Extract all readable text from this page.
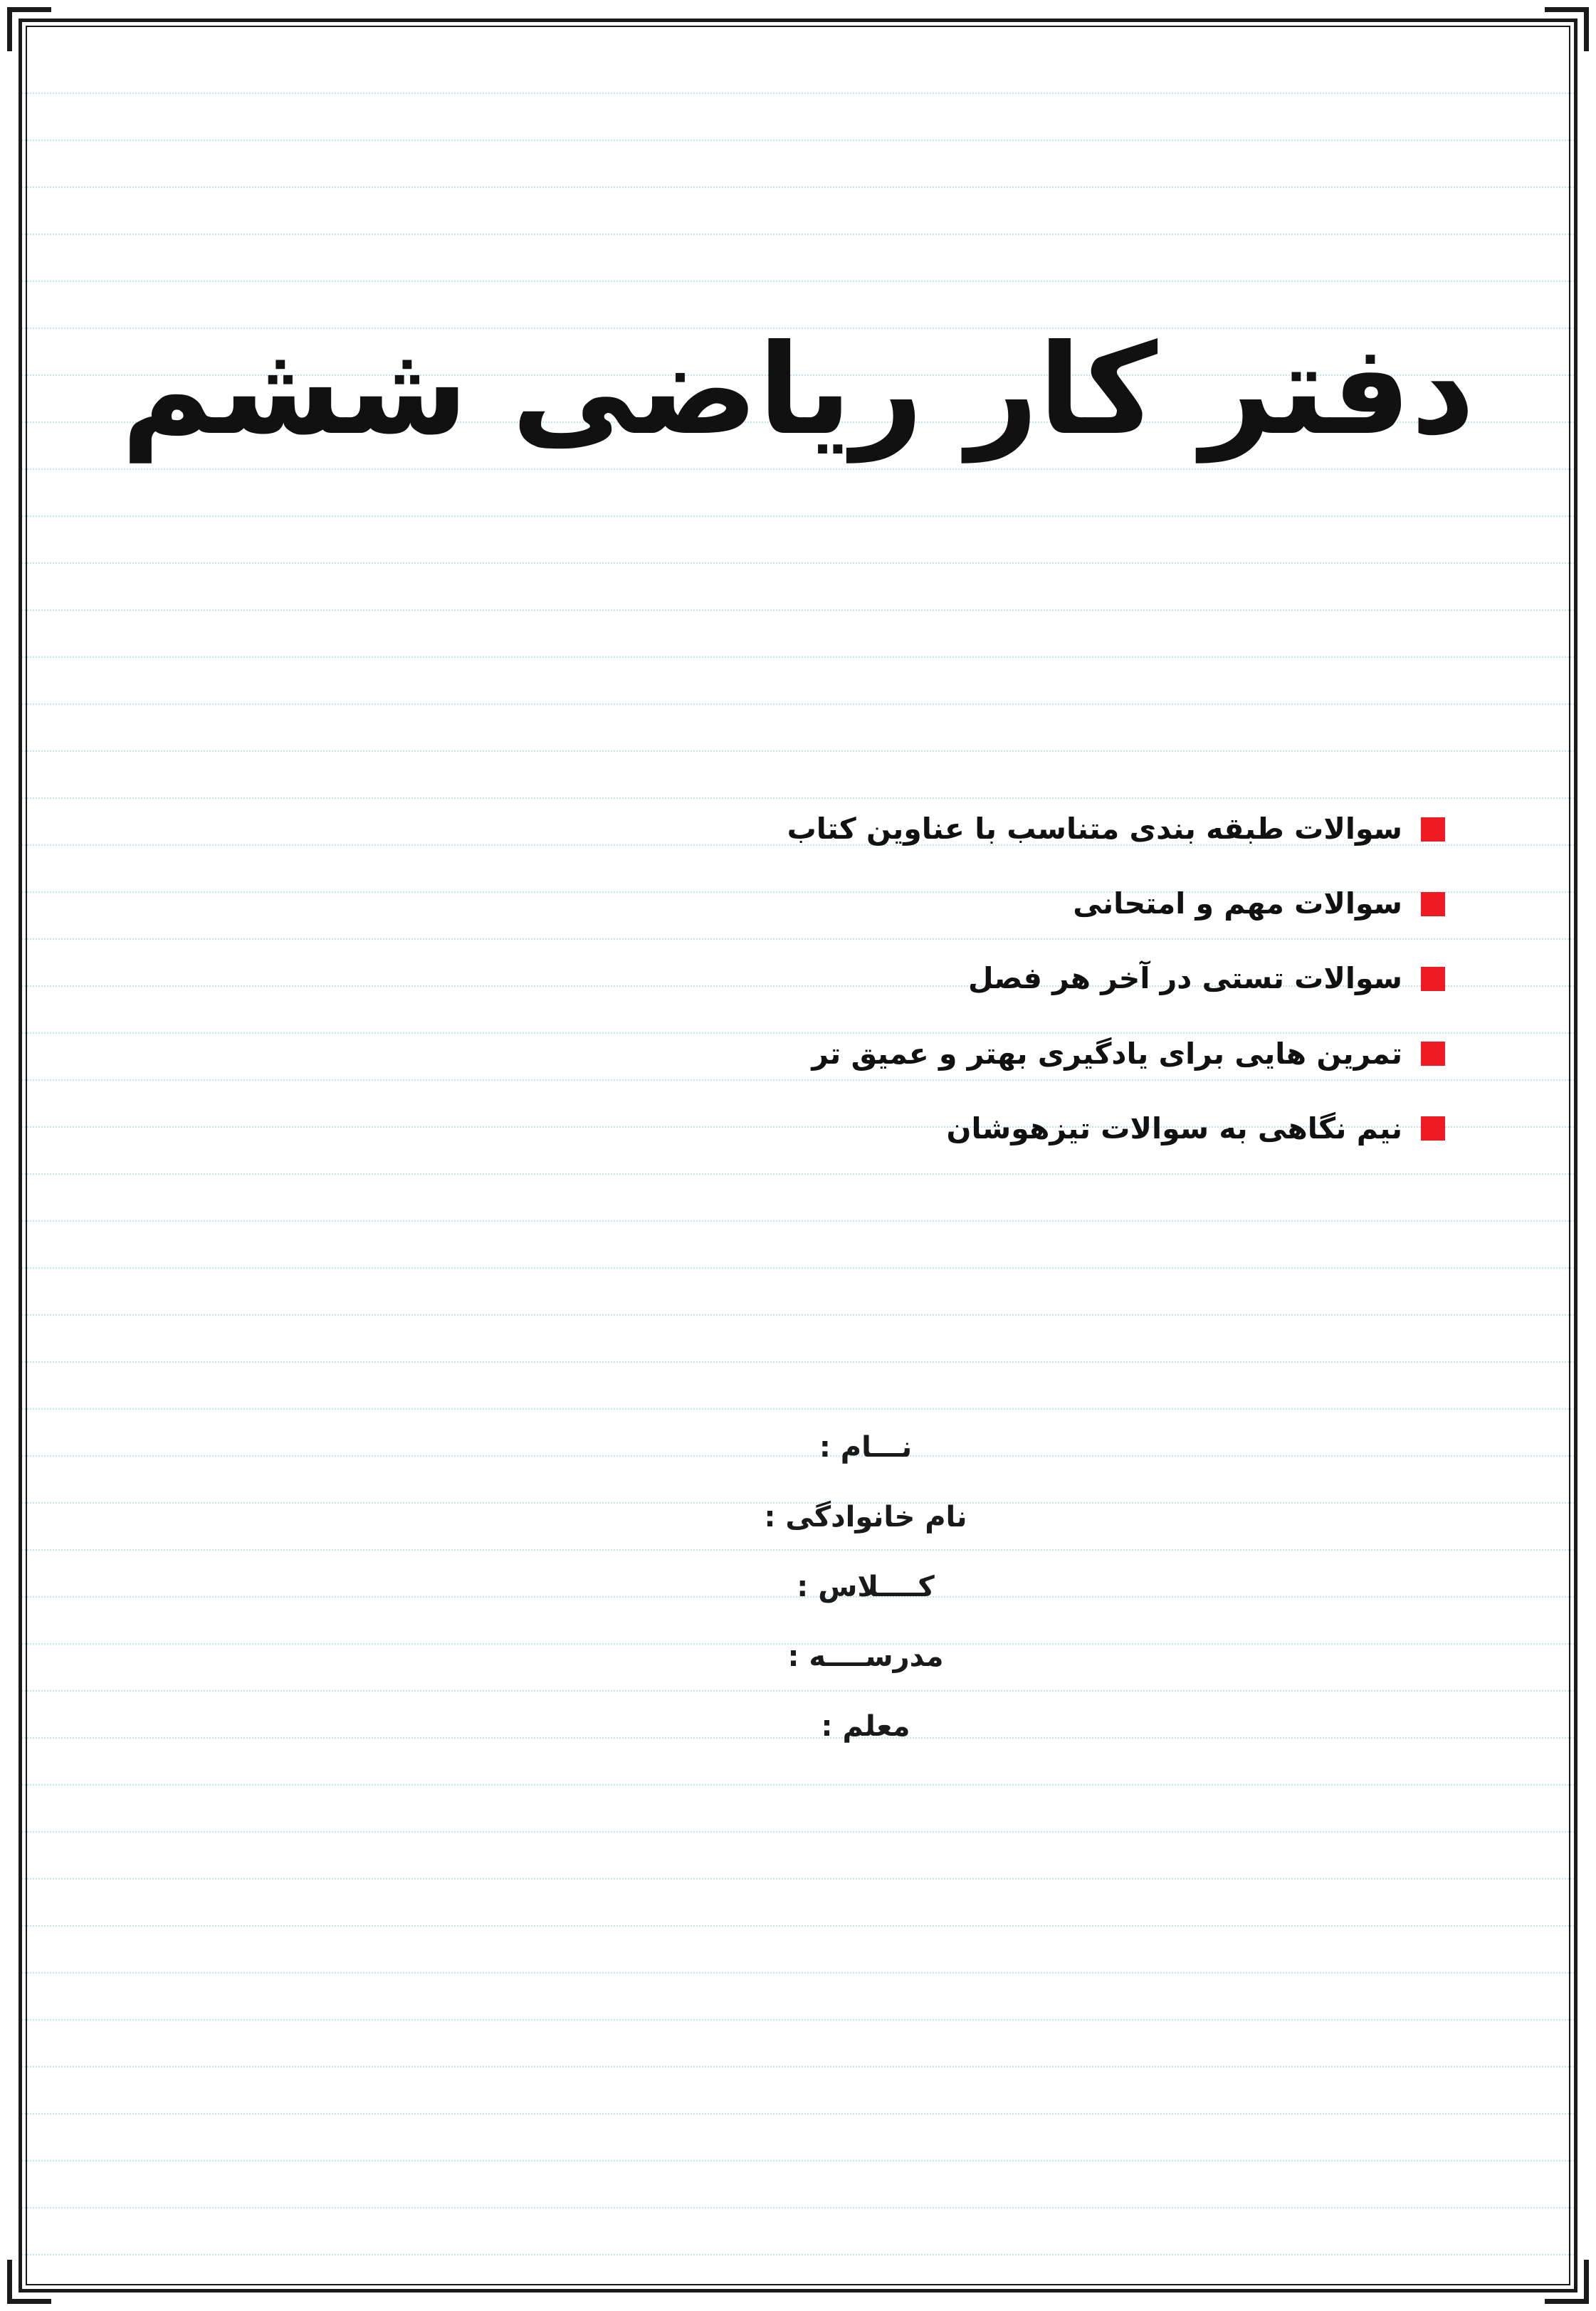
دفتر کار ریاضی ششم
سوالات طبقه بندی متناسب با عناوین کتاب
سوالات مهم و امتحانی
سوالات تستی در آخر هر فصل
تمرین هایی برای یادگیری بهتر و عمیق تر
نیم نگاهی به سوالات تیزهوشان
نـــام :
نام خانوادگی :
کــــلاس :
مدرســــه :
معلم :
